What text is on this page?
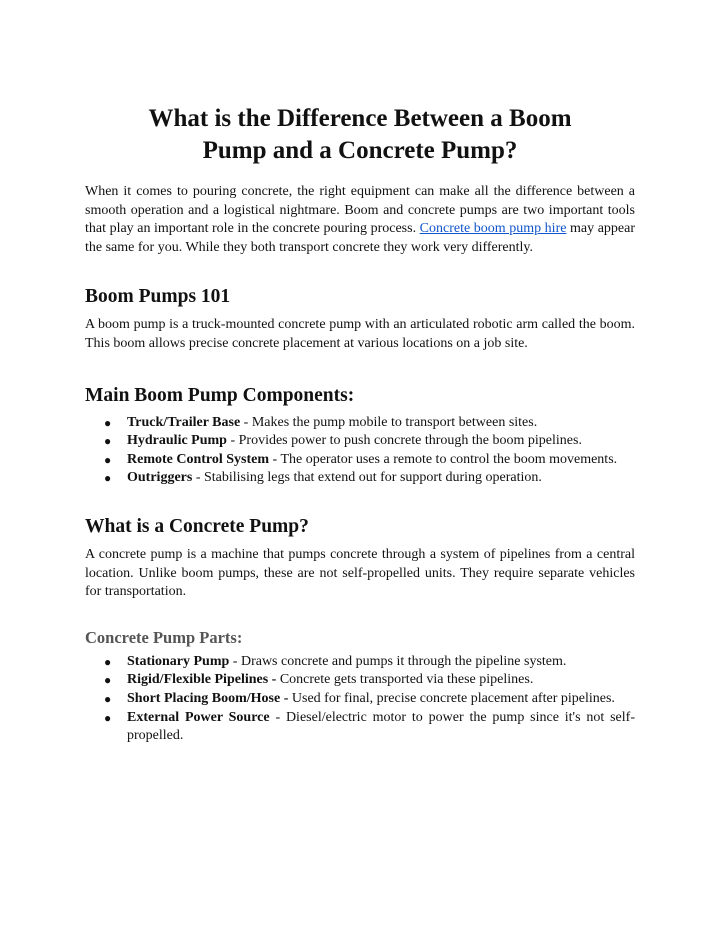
What is the Difference Between a Boom
Pump and a Concrete Pump?

When it comes to pouring concrete, the right equipment can make all the difference between a smooth operation and a logistical nightmare. Boom and concrete pumps are two important tools that play an important role in the concrete pouring process. Concrete boom pump hire may appear the same for you. While they both transport concrete they work very differently.

Boom Pumps 101

A boom pump is a truck-mounted concrete pump with an articulated robotic arm called the boom. This boom allows precise concrete placement at various locations on a job site.

Main Boom Pump Components:
● Truck/Trailer Base - Makes the pump mobile to transport between sites.
● Hydraulic Pump - Provides power to push concrete through the boom pipelines.
● Remote Control System - The operator uses a remote to control the boom movements.
● Outriggers - Stabilising legs that extend out for support during operation.
What is a Concrete Pump?

A concrete pump is a machine that pumps concrete through a system of pipelines from a central location. Unlike boom pumps, these are not self-propelled units. They require separate vehicles for transportation.

Concrete Pump Parts:
● Stationary Pump - Draws concrete and pumps it through the pipeline system.
● Rigid/Flexible Pipelines - Concrete gets transported via these pipelines.
● Short Placing Boom/Hose - Used for final, precise concrete placement after pipelines.
● External Power Source - Diesel/electric motor to power the pump since it's not self-propelled.
